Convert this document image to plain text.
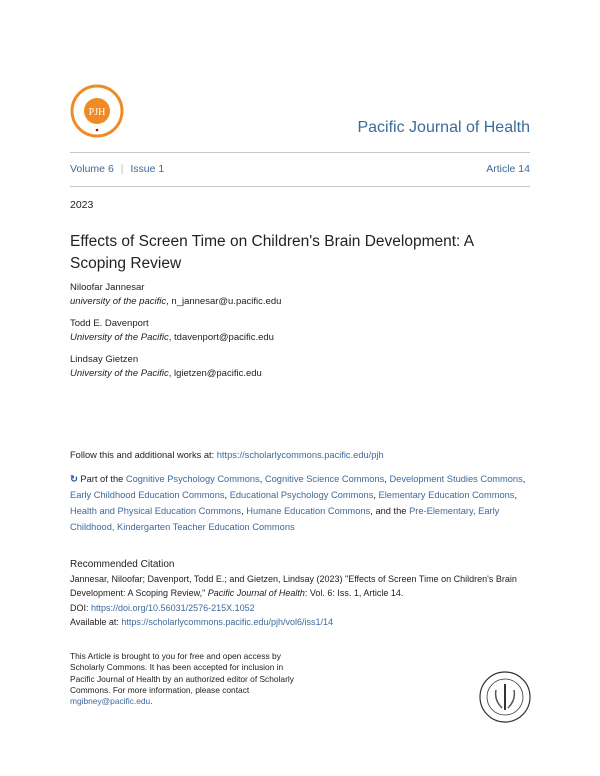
PJH
Pacific Journal of Health
Volume 6 | Issue 1	Article 14
2023
Effects of Screen Time on Children's Brain Development: A Scoping Review
Niloofar Jannesar
university of the pacific, n_jannesar@u.pacific.edu
Todd E. Davenport
University of the Pacific, tdavenport@pacific.edu
Lindsay Gietzen
University of the Pacific, lgietzen@pacific.edu
Follow this and additional works at: https://scholarlycommons.pacific.edu/pjh
↻ Part of the Cognitive Psychology Commons, Cognitive Science Commons, Development Studies Commons, Early Childhood Education Commons, Educational Psychology Commons, Elementary Education Commons, Health and Physical Education Commons, Humane Education Commons, and the Pre-Elementary, Early Childhood, Kindergarten Teacher Education Commons
Recommended Citation
Jannesar, Niloofar; Davenport, Todd E.; and Gietzen, Lindsay (2023) "Effects of Screen Time on Children's Brain Development: A Scoping Review," Pacific Journal of Health: Vol. 6: Iss. 1, Article 14.
DOI: https://doi.org/10.56031/2576-215X.1052
Available at: https://scholarlycommons.pacific.edu/pjh/vol6/iss1/14
This Article is brought to you for free and open access by Scholarly Commons. It has been accepted for inclusion in Pacific Journal of Health by an authorized editor of Scholarly Commons. For more information, please contact mgibney@pacific.edu.
